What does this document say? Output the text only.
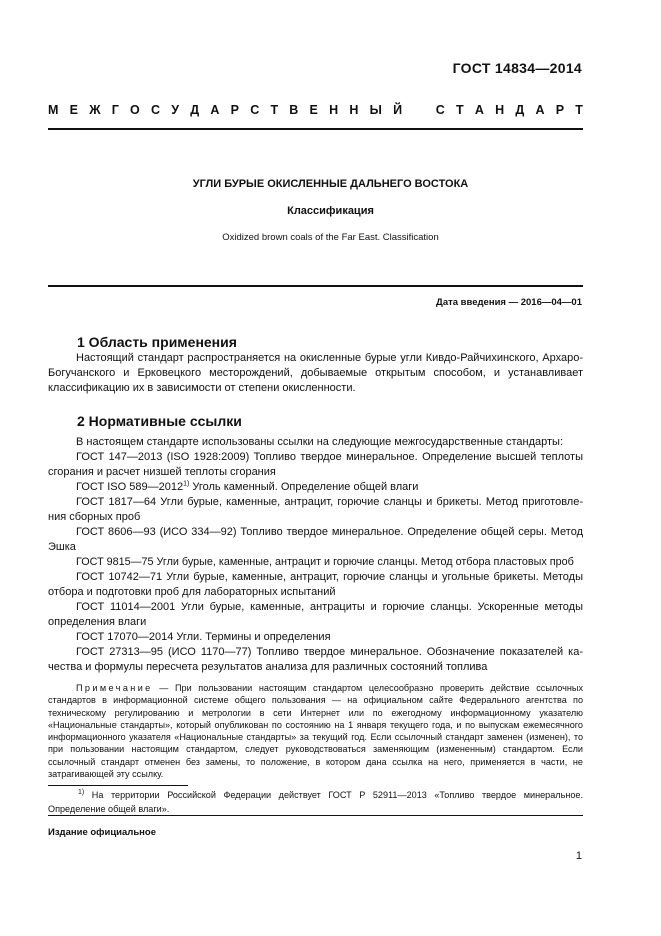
ГОСТ 14834—2014
М Е Ж Г О С У Д А Р С Т В Е Н Н Ы Й	С Т А Н Д А Р Т
УГЛИ БУРЫЕ ОКИСЛЕННЫЕ ДАЛЬНЕГО ВОСТОКА
Классификация
Oxidized brown coals of the Far East. Classification
Дата введения — 2016—04—01
1 Область применения
Настоящий стандарт распространяется на окисленные бурые угли Кивдо-Райчихинского, Архаро-Богучанского и Ерковецкого месторождений, добываемые открытым способом, и устанавливает классификацию их в зависимости от степени окисленности.
2 Нормативные ссылки
В настоящем стандарте использованы ссылки на следующие межгосударственные стандарты:
ГОСТ 147—2013 (ISO 1928:2009) Топливо твердое минеральное. Определение высшей теплоты
сгорания и расчет низшей теплоты сгорания
ГОСТ ISO 589—2012$^{1)}$ Уголь каменный. Определение общей влаги
ГОСТ 1817—64 Угли бурые, каменные, антрацит, горючие сланцы и брикеты. Метод приготовле-
ния сборных проб
ГОСТ 8606—93 (ИСО 334—92) Топливо твердое минеральное. Определение общей серы. Метод
Эшка
ГОСТ 9815—75 Угли бурые, каменные, антрацит и горючие сланцы. Метод отбора пластовых проб
ГОСТ 10742—71 Угли бурые, каменные, антрацит, горючие сланцы и угольные брикеты. Методы
отбора и подготовки проб для лабораторных испытаний
ГОСТ 11014—2001 Угли бурые, каменные, антрациты и горючие сланцы. Ускоренные методы
определения влаги
ГОСТ 17070—2014 Угли. Термины и определения
ГОСТ 27313—95 (ИСО 1170—77) Топливо твердое минеральное. Обозначение показателей ка-
чества и формулы пересчета результатов анализа для различных состояний топлива
Примечание — При пользовании настоящим стандартом целесообразно проверить действие ссылочных стандартов в информационной системе общего пользования — на официальном сайте Федерального агентства по техническому регулированию и метрологии в сети Интернет или по ежегодному информационному указателю «Национальные стандарты», который опубликован по состоянию на 1 января текущего года, и по выпускам ежемесячного информационного указателя «Национальные стандарты» за текущий год. Если ссылочный стандарт заменен (изменен), то при пользовании настоящим стандартом, следует руководствоваться заменяющим (измененным) стандартом. Если ссылочный стандарт отменен без замены, то положение, в котором дана ссылка на него, применяется в части, не затрагивающей эту ссылку.
$^{1)}$ На территории Российской Федерации действует ГОСТ Р 52911—2013 «Топливо твердое минеральное. Определение общей влаги».
Издание официальное
1
